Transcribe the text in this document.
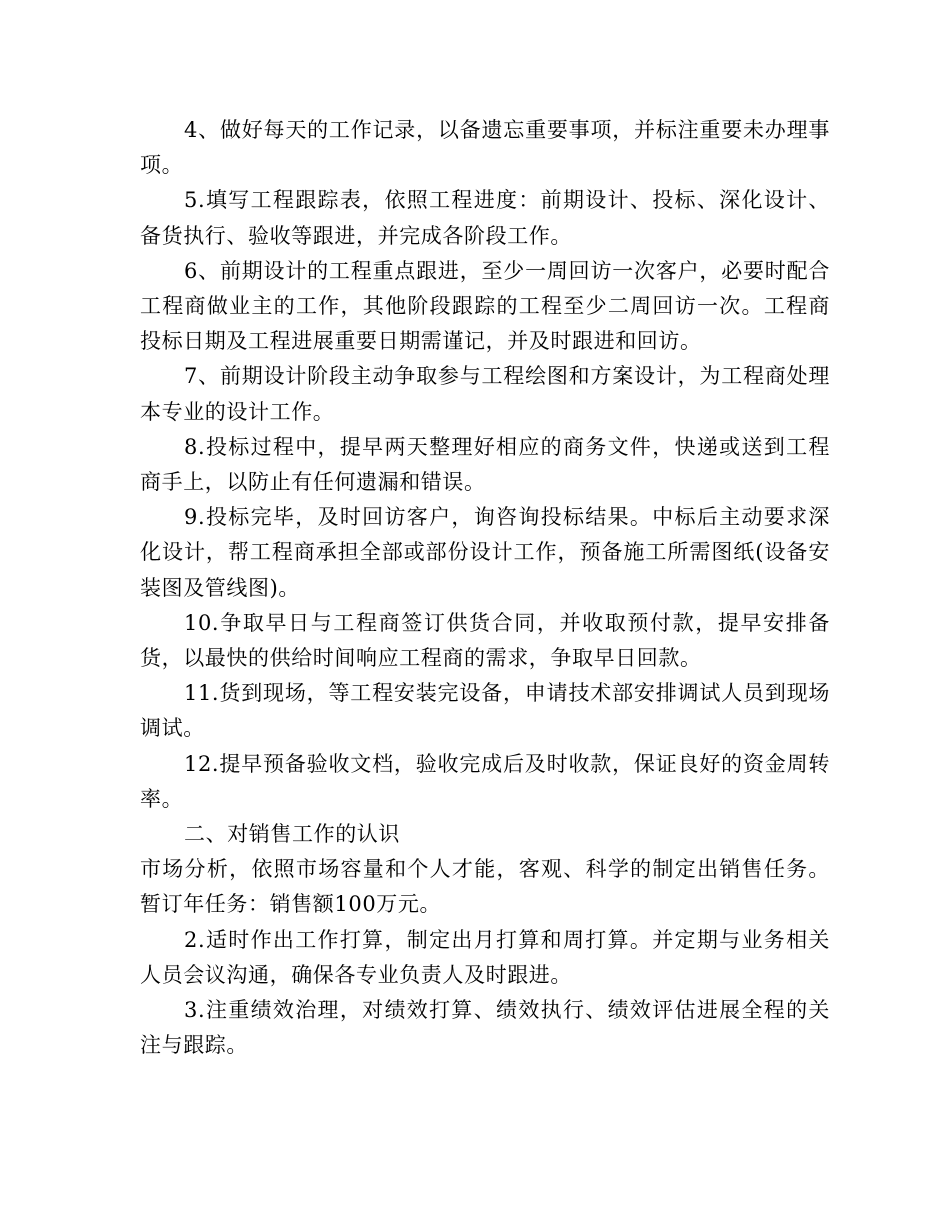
4、做好每天的工作记录，以备遗忘重要事项，并标注重要未办理事项。

5.填写工程跟踪表，依照工程进度：前期设计、投标、深化设计、备货执行、验收等跟进，并完成各阶段工作。

6、前期设计的工程重点跟进，至少一周回访一次客户，必要时配合工程商做业主的工作，其他阶段跟踪的工程至少二周回访一次。工程商投标日期及工程进展重要日期需谨记，并及时跟进和回访。

7、前期设计阶段主动争取参与工程绘图和方案设计，为工程商处理本专业的设计工作。

8.投标过程中，提早两天整理好相应的商务文件，快递或送到工程商手上，以防止有任何遗漏和错误。

9.投标完毕，及时回访客户，询咨询投标结果。中标后主动要求深化设计，帮工程商承担全部或部份设计工作，预备施工所需图纸(设备安装图及管线图)。

10.争取早日与工程商签订供货合同，并收取预付款，提早安排备货，以最快的供给时间响应工程商的需求，争取早日回款。

11.货到现场，等工程安装完设备，申请技术部安排调试人员到现场调试。

12.提早预备验收文档，验收完成后及时收款，保证良好的资金周转率。

二、对销售工作的认识

市场分析，依照市场容量和个人才能，客观、科学的制定出销售任务。暂订年任务：销售额100万元。

2.适时作出工作打算，制定出月打算和周打算。并定期与业务相关人员会议沟通，确保各专业负责人及时跟进。

3.注重绩效治理，对绩效打算、绩效执行、绩效评估进展全程的关注与跟踪。
